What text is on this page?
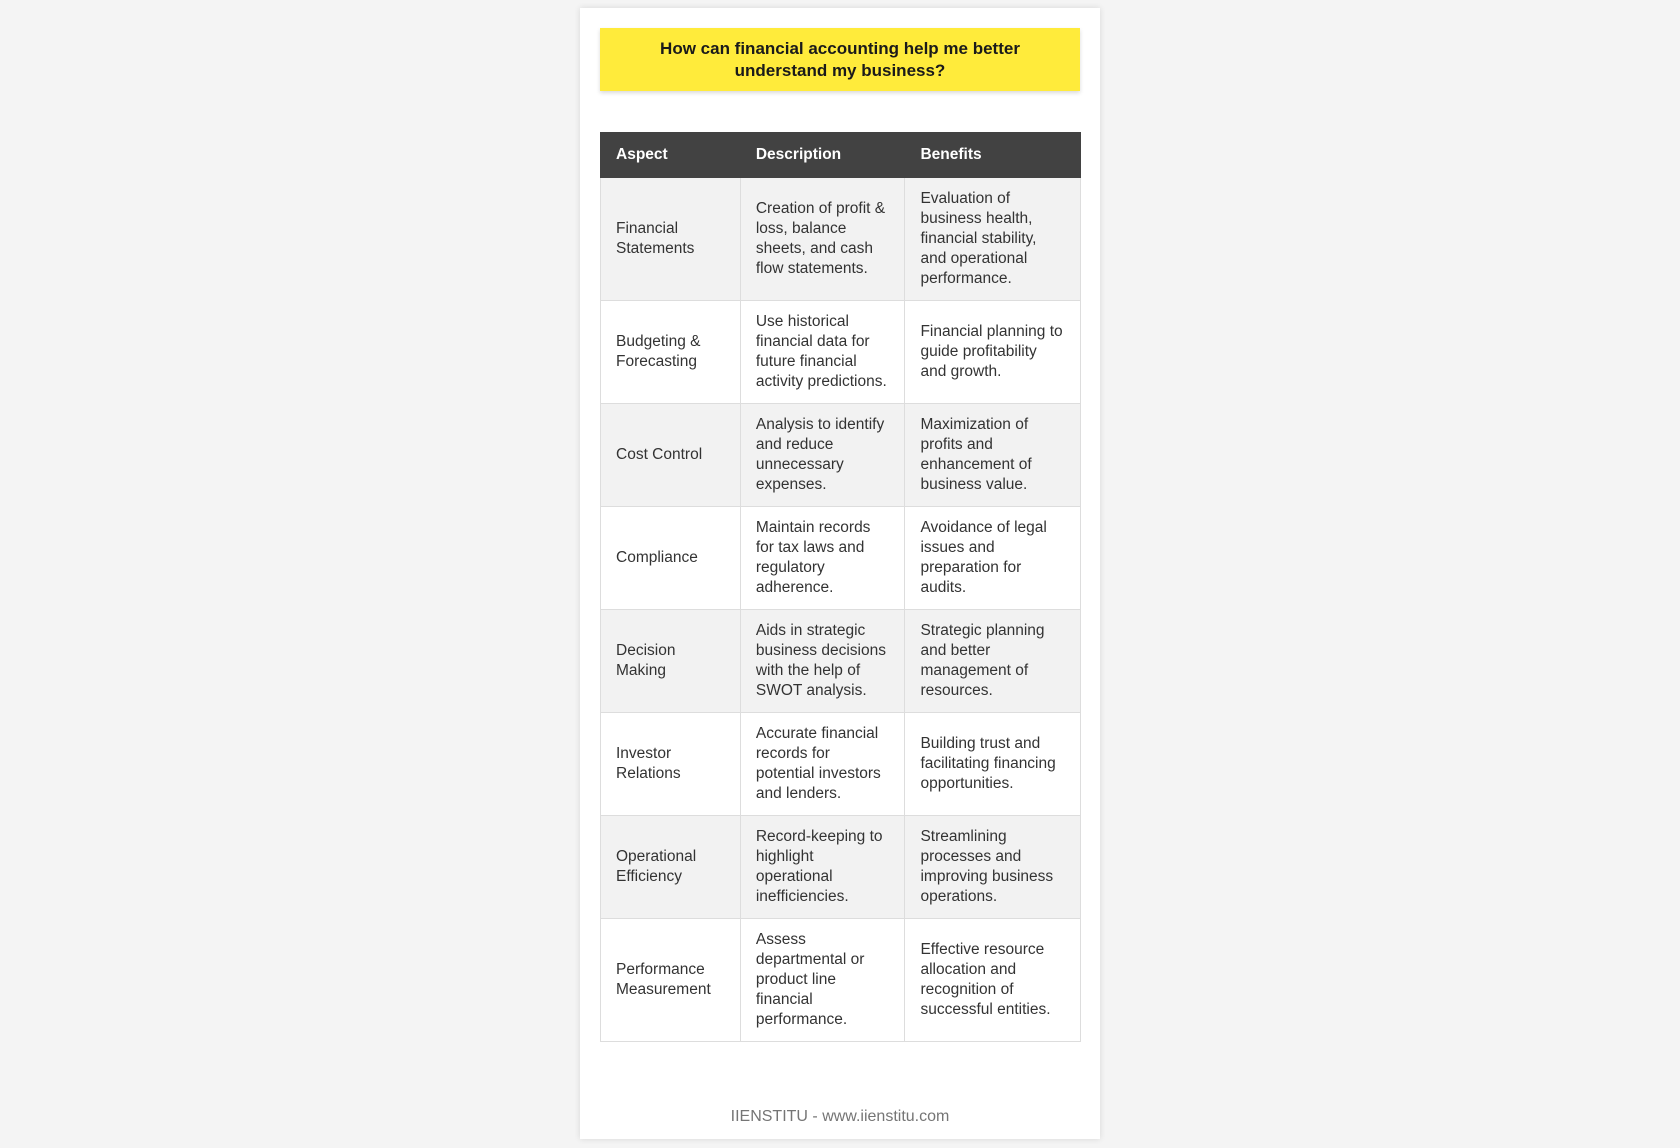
How can financial accounting help me better understand my business?
Aspect	Description	Benefits
Financial Statements	Creation of profit & loss, balance sheets, and cash flow statements.	Evaluation of business health, financial stability, and operational performance.
Budgeting & Forecasting	Use historical financial data for future financial activity predictions.	Financial planning to guide profitability and growth.
Cost Control	Analysis to identify and reduce unnecessary expenses.	Maximization of profits and enhancement of business value.
Compliance	Maintain records for tax laws and regulatory adherence.	Avoidance of legal issues and preparation for audits.
Decision Making	Aids in strategic business decisions with the help of SWOT analysis.	Strategic planning and better management of resources.
Investor Relations	Accurate financial records for potential investors and lenders.	Building trust and facilitating financing opportunities.
Operational Efficiency	Record-keeping to highlight operational inefficiencies.	Streamlining processes and improving business operations.
Performance Measurement	Assess departmental or product line financial performance.	Effective resource allocation and recognition of successful entities.
IIENSTITU - www.iienstitu.com
